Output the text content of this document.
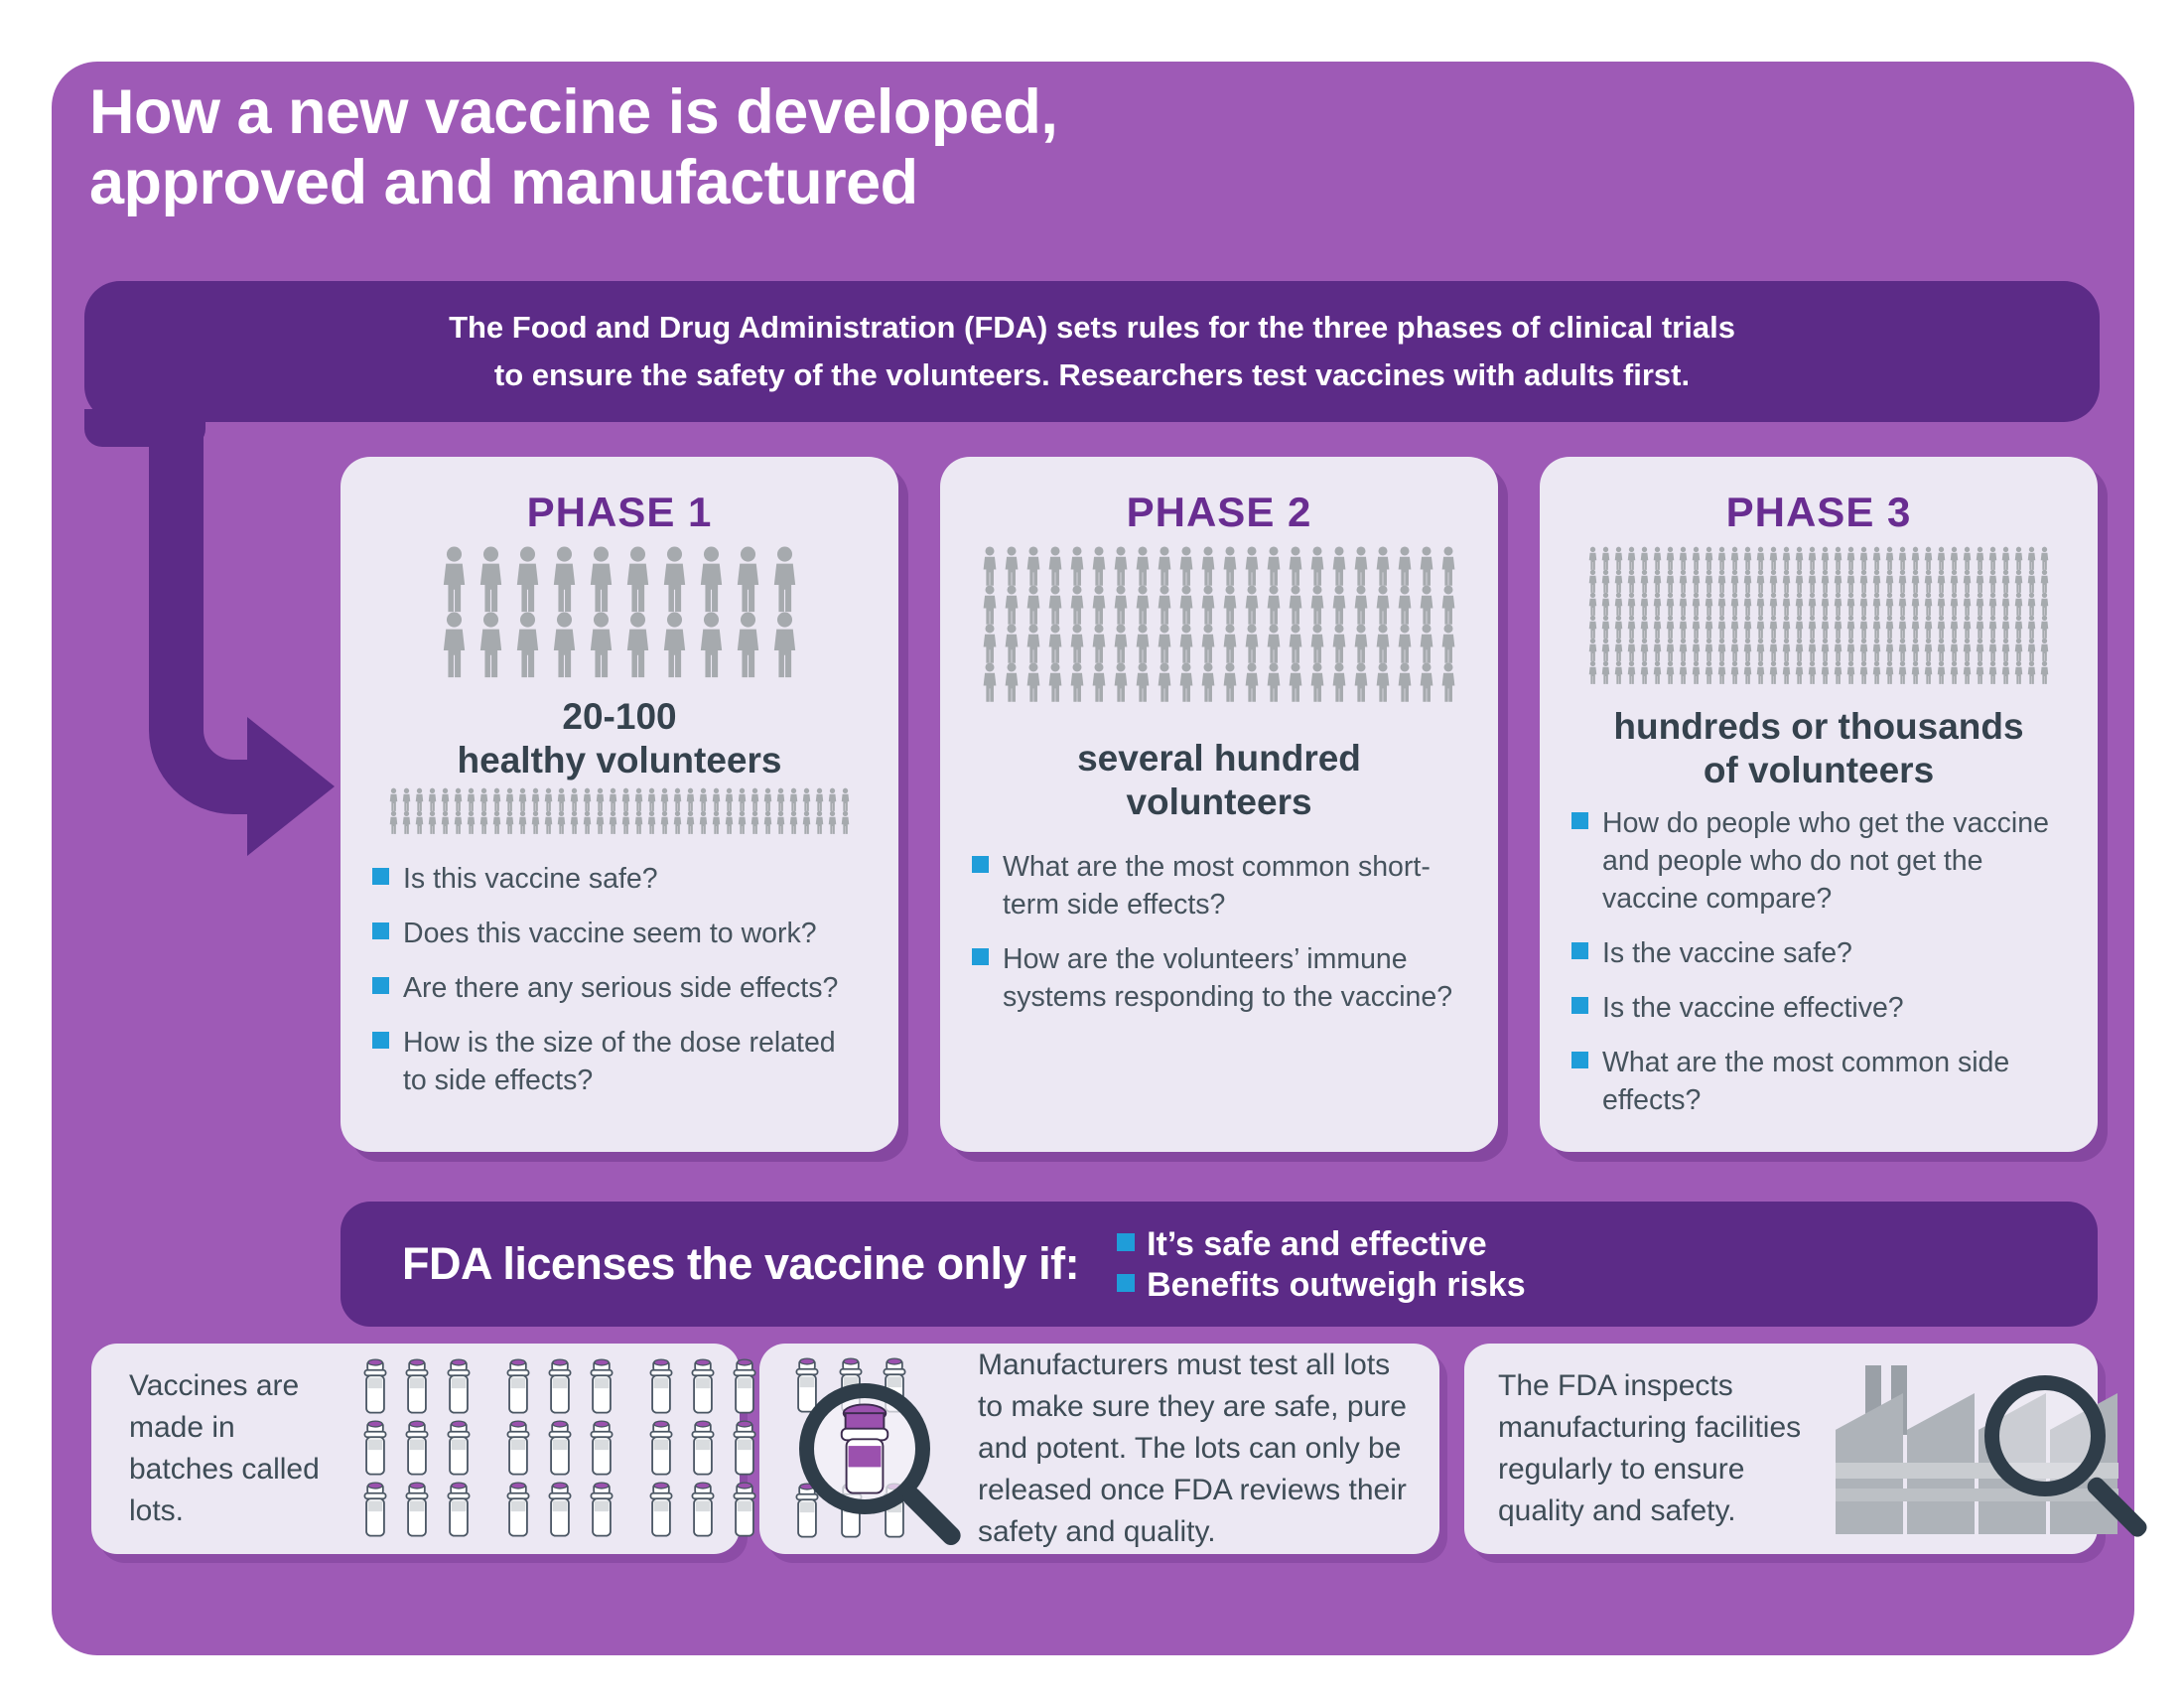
How a new vaccine is developed,
approved and manufactured
The Food and Drug Administration (FDA) sets rules for the three phases of clinical trials
to ensure the safety of the volunteers. Researchers test vaccines with adults first.
PHASE 1
20-100
healthy volunteers
Is this vaccine safe?
Does this vaccine seem to work?
Are there any serious side effects?
How is the size of the dose related to side effects?
PHASE 2
several hundred
volunteers
What are the most common short-term side effects?
How are the volunteers’ immune systems responding to the vaccine?
PHASE 3
hundreds or thousands
of volunteers
How do people who get the vaccine and people who do not get the vaccine compare?
Is the vaccine safe?
Is the vaccine effective?
What are the most common side effects?
FDA licenses the vaccine only if: It’s safe and effective
Benefits outweigh risks
Vaccines are made in batches called lots.
Manufacturers must test all lots to make sure they are safe, pure and potent. The lots can only be released once FDA reviews their safety and quality.
The FDA inspects manufacturing facilities regularly to ensure quality and safety.
